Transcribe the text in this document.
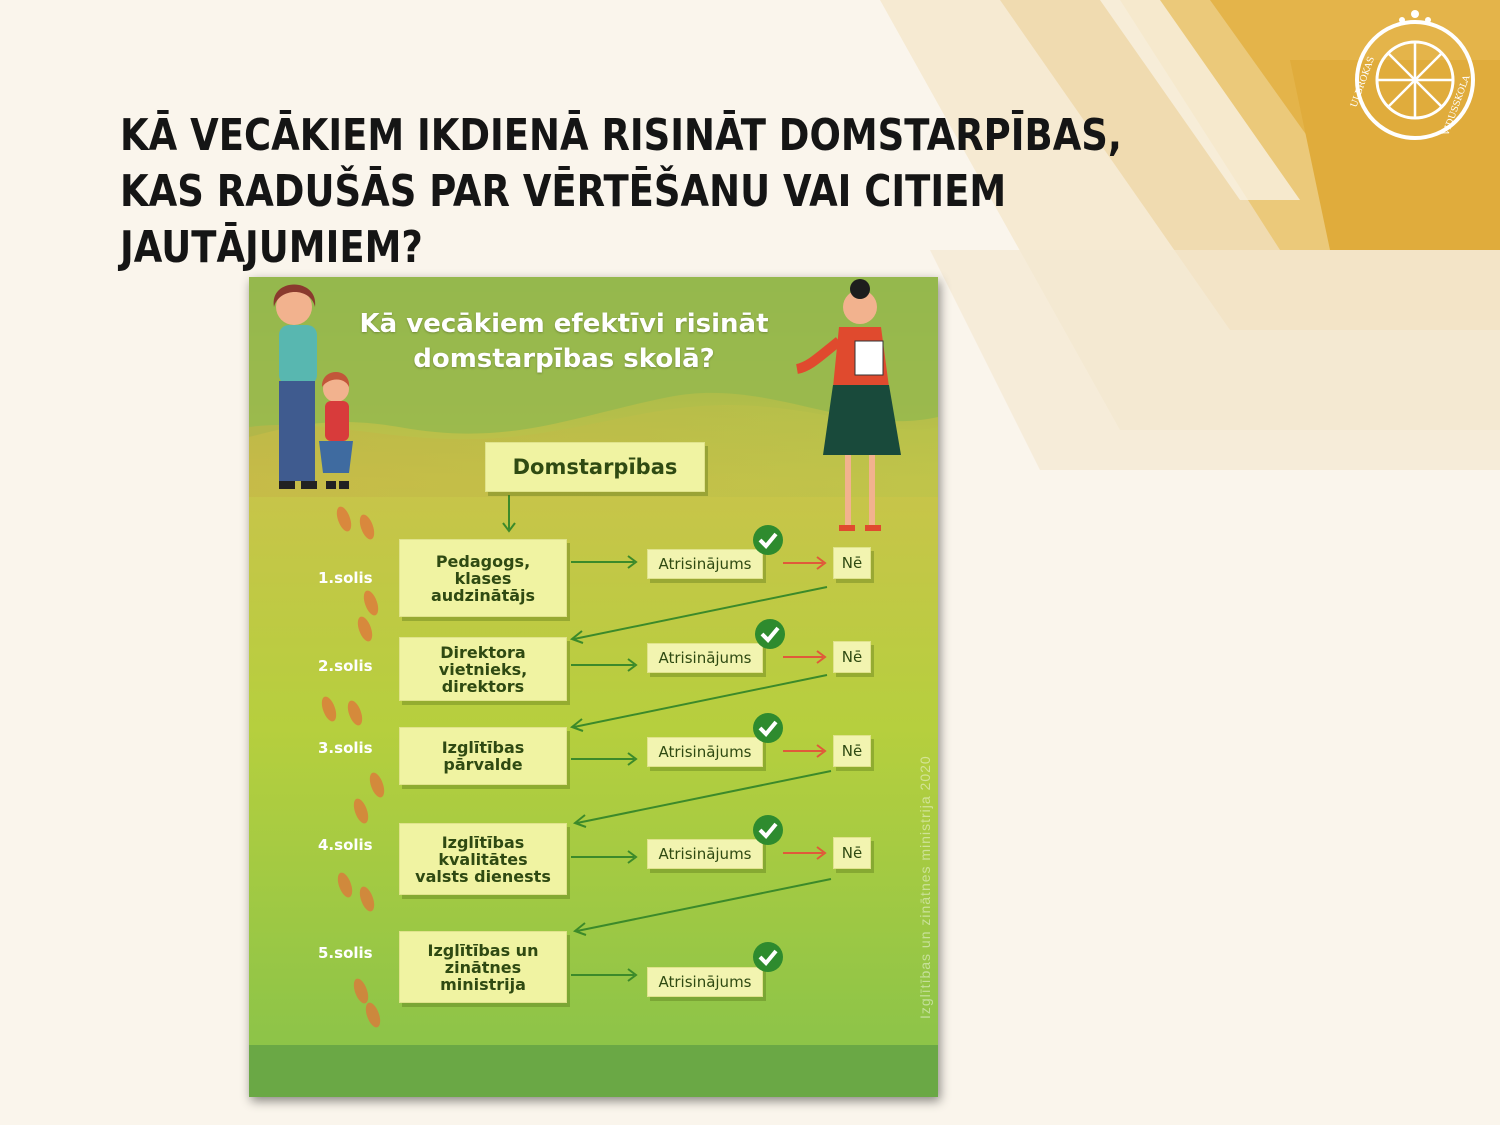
ULBROKAS	VIDUSSKOLA
KĀ VECĀKIEM IKDIENĀ RISINĀT DOMSTARPĪBAS, KAS RADUŠĀS PAR VĒRTĒŠANU VAI CITIEM JAUTĀJUMIEM?
Kā vecākiem efektīvi risināt domstarpības skolā?
Domstarpības
1.solis
Pedagogs,
klases
audzinātājs
Atrisinājums	Nē
2.solis
Direktora
vietnieks,
direktors
Atrisinājums	Nē
3.solis	Izglītības
pārvalde
Atrisinājums	Nē
4.solis	Izglītības
kvalitātes
valsts dienests
Atrisinājums	Nē
5.solis	Izglītības un
zinātnes
ministrija	Atrisinājums	Izglītības un zinātnes ministrija 2020
